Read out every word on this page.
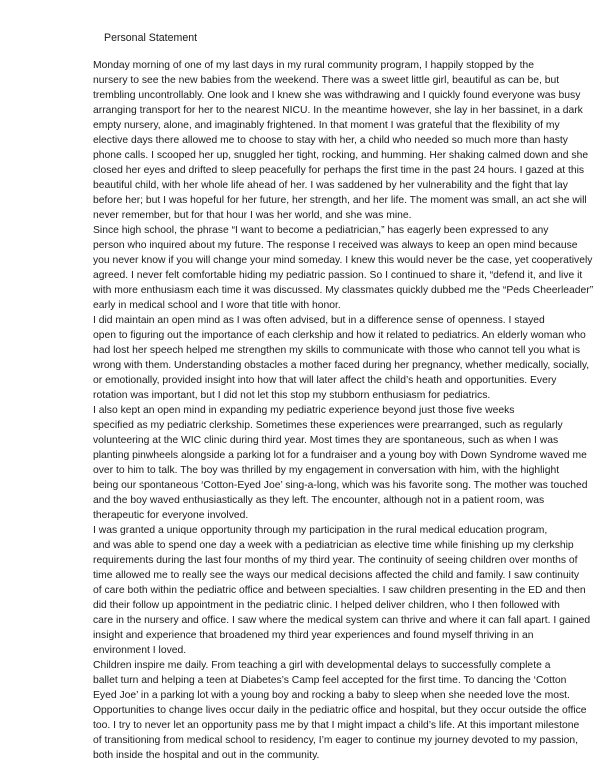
Personal Statement

Monday morning of one of my last days in my rural community program, I happily stopped by the
nursery to see the new babies from the weekend. There was a sweet little girl, beautiful as can be, but
trembling uncontrollably. One look and I knew she was withdrawing and I quickly found everyone was busy
arranging transport for her to the nearest NICU. In the meantime however, she lay in her bassinet, in a dark
empty nursery, alone, and imaginably frightened. In that moment I was grateful that the flexibility of my
elective days there allowed me to choose to stay with her, a child who needed so much more than hasty
phone calls. I scooped her up, snuggled her tight, rocking, and humming. Her shaking calmed down and she
closed her eyes and drifted to sleep peacefully for perhaps the first time in the past 24 hours. I gazed at this
beautiful child, with her whole life ahead of her. I was saddened by her vulnerability and the fight that lay
before her; but I was hopeful for her future, her strength, and her life. The moment was small, an act she will
never remember, but for that hour I was her world, and she was mine.

Since high school, the phrase “I want to become a pediatrician,” has eagerly been expressed to any
person who inquired about my future. The response I received was always to keep an open mind because
you never know if you will change your mind someday. I knew this would never be the case, yet cooperatively
agreed. I never felt comfortable hiding my pediatric passion. So I continued to share it, “defend it, and live it
with more enthusiasm each time it was discussed. My classmates quickly dubbed me the “Peds Cheerleader”
early in medical school and I wore that title with honor.

I did maintain an open mind as I was often advised, but in a difference sense of openness. I stayed
open to figuring out the importance of each clerkship and how it related to pediatrics. An elderly woman who
had lost her speech helped me strengthen my skills to communicate with those who cannot tell you what is
wrong with them. Understanding obstacles a mother faced during her pregnancy, whether medically, socially,
or emotionally, provided insight into how that will later affect the child’s heath and opportunities. Every
rotation was important, but I did not let this stop my stubborn enthusiasm for pediatrics.

I also kept an open mind in expanding my pediatric experience beyond just those five weeks
specified as my pediatric clerkship. Sometimes these experiences were prearranged, such as regularly
volunteering at the WIC clinic during third year. Most times they are spontaneous, such as when I was
planting pinwheels alongside a parking lot for a fundraiser and a young boy with Down Syndrome waved me
over to him to talk. The boy was thrilled by my engagement in conversation with him, with the highlight
being our spontaneous ‘Cotton-Eyed Joe’ sing-a-long, which was his favorite song. The mother was touched
and the boy waved enthusiastically as they left. The encounter, although not in a patient room, was
therapeutic for everyone involved.

I was granted a unique opportunity through my participation in the rural medical education program,
and was able to spend one day a week with a pediatrician as elective time while finishing up my clerkship
requirements during the last four months of my third year. The continuity of seeing children over months of
time allowed me to really see the ways our medical decisions affected the child and family. I saw continuity
of care both within the pediatric office and between specialties. I saw children presenting in the ED and then
did their follow up appointment in the pediatric clinic. I helped deliver children, who I then followed with
care in the nursery and office. I saw where the medical system can thrive and where it can fall apart. I gained
insight and experience that broadened my third year experiences and found myself thriving in an
environment I loved.

Children inspire me daily. From teaching a girl with developmental delays to successfully complete a
ballet turn and helping a teen at Diabetes’s Camp feel accepted for the first time. To dancing the ‘Cotton
Eyed Joe’ in a parking lot with a young boy and rocking a baby to sleep when she needed love the most.
Opportunities to change lives occur daily in the pediatric office and hospital, but they occur outside the office
too. I try to never let an opportunity pass me by that I might impact a child’s life. At this important milestone
of transitioning from medical school to residency, I’m eager to continue my journey devoted to my passion,
both inside the hospital and out in the community.
